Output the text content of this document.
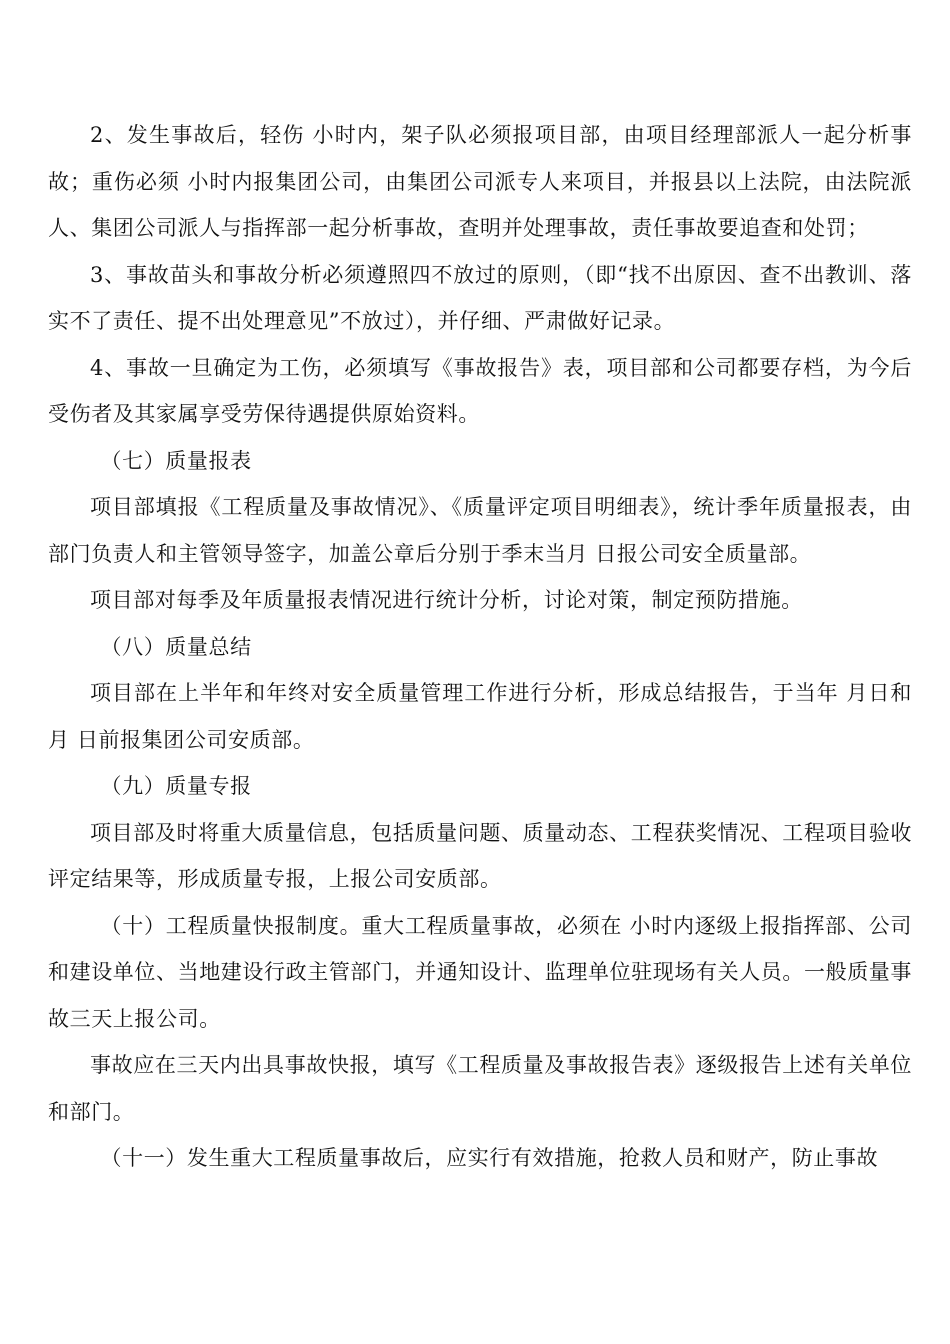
2、发生事故后，轻伤 小时内，架子队必须报项目部，由项目经理部派人一起分析事故；重伤必须 小时内报集团公司，由集团公司派专人来项目，并报县以上法院，由法院派人、集团公司派人与指挥部一起分析事故，查明并处理事故，责任事故要追查和处罚；

3、事故苗头和事故分析必须遵照四不放过的原则，（即“找不出原因、查不出教训、落实不了责任、提不出处理意见”不放过），并仔细、严肃做好记录。

4、事故一旦确定为工伤，必须填写《事故报告》表，项目部和公司都要存档，为今后受伤者及其家属享受劳保待遇提供原始资料。

（七）质量报表

项目部填报《工程质量及事故情况》、《质量评定项目明细表》，统计季年质量报表，由部门负责人和主管领导签字，加盖公章后分别于季末当月 日报公司安全质量部。

项目部对每季及年质量报表情况进行统计分析，讨论对策，制定预防措施。

（八）质量总结

项目部在上半年和年终对安全质量管理工作进行分析，形成总结报告，于当年 月日和 月 日前报集团公司安质部。

（九）质量专报

项目部及时将重大质量信息，包括质量问题、质量动态、工程获奖情况、工程项目验收评定结果等，形成质量专报，上报公司安质部。

（十）工程质量快报制度。重大工程质量事故，必须在 小时内逐级上报指挥部、公司和建设单位、当地建设行政主管部门，并通知设计、监理单位驻现场有关人员。一般质量事故三天上报公司。

事故应在三天内出具事故快报，填写《工程质量及事故报告表》逐级报告上述有关单位和部门。

（十一）发生重大工程质量事故后，应实行有效措施，抢救人员和财产，防止事故
